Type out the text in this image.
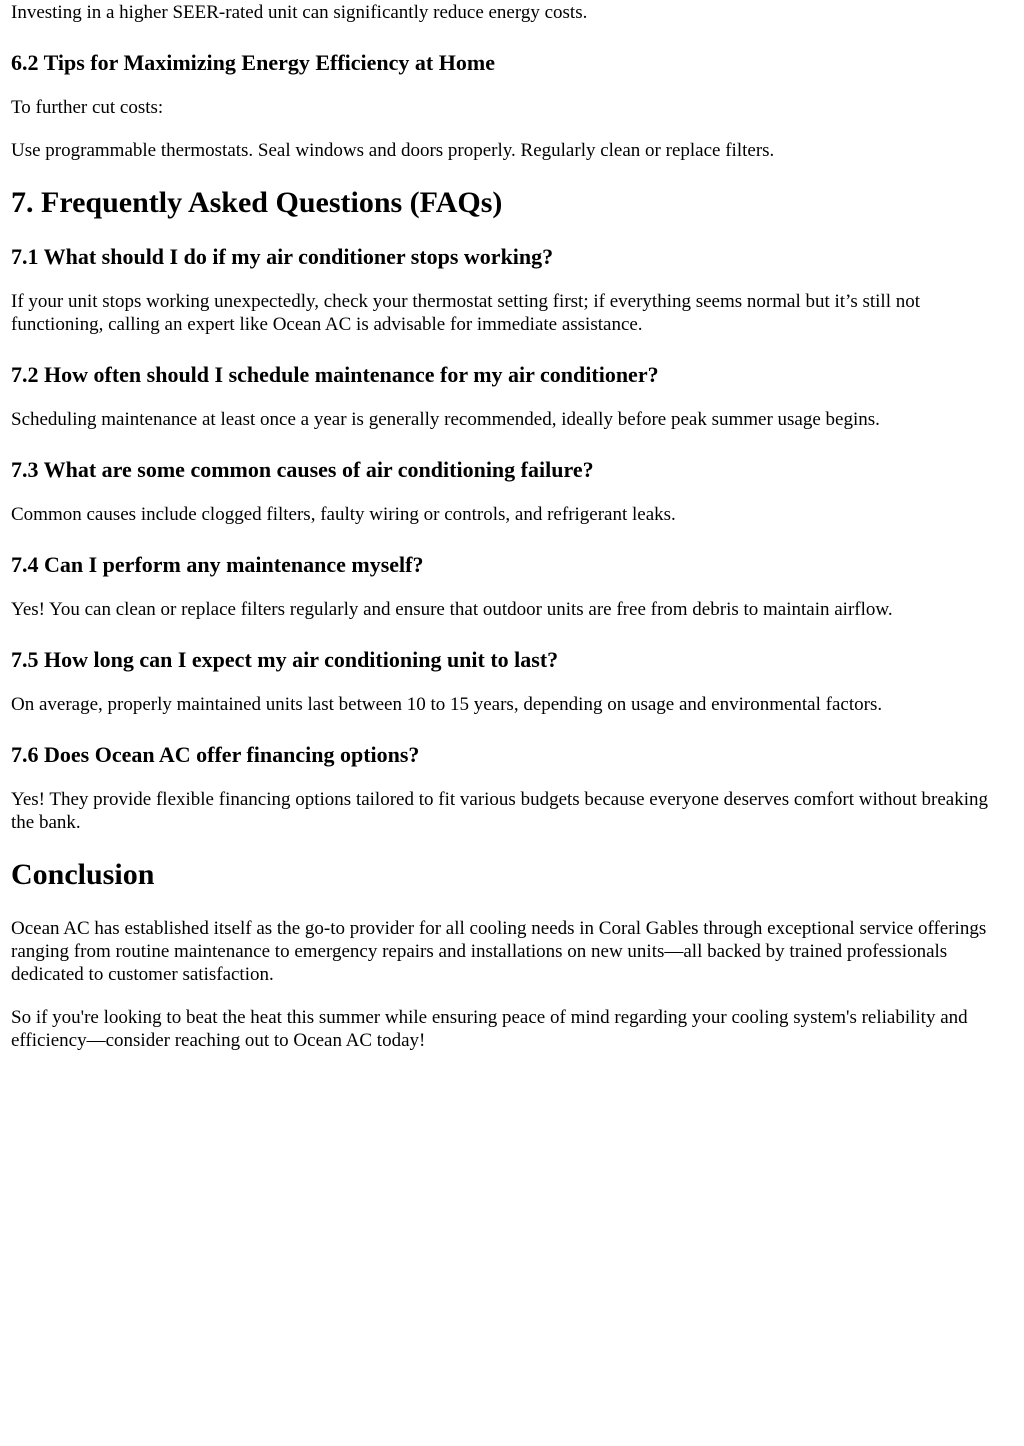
Investing in a higher SEER-rated unit can significantly reduce energy costs.

6.2 Tips for Maximizing Energy Efficiency at Home

To further cut costs:

Use programmable thermostats. Seal windows and doors properly. Regularly clean or replace filters.

7. Frequently Asked Questions (FAQs)
7.1 What should I do if my air conditioner stops working?

If your unit stops working unexpectedly, check your thermostat setting first; if everything seems normal but it’s still not functioning, calling an expert like Ocean AC is advisable for immediate assistance.

7.2 How often should I schedule maintenance for my air conditioner?

Scheduling maintenance at least once a year is generally recommended, ideally before peak summer usage begins.

7.3 What are some common causes of air conditioning failure?

Common causes include clogged filters, faulty wiring or controls, and refrigerant leaks.

7.4 Can I perform any maintenance myself?

Yes! You can clean or replace filters regularly and ensure that outdoor units are free from debris to maintain airflow.

7.5 How long can I expect my air conditioning unit to last?

On average, properly maintained units last between 10 to 15 years, depending on usage and environmental factors.

7.6 Does Ocean AC offer financing options?

Yes! They provide flexible financing options tailored to fit various budgets because everyone deserves comfort without breaking the bank.

Conclusion

Ocean AC has established itself as the go-to provider for all cooling needs in Coral Gables through exceptional service offerings ranging from routine maintenance to emergency repairs and installations on new units—all backed by trained professionals dedicated to customer satisfaction.

So if you're looking to beat the heat this summer while ensuring peace of mind regarding your cooling system's reliability and efficiency—consider reaching out to Ocean AC today!
